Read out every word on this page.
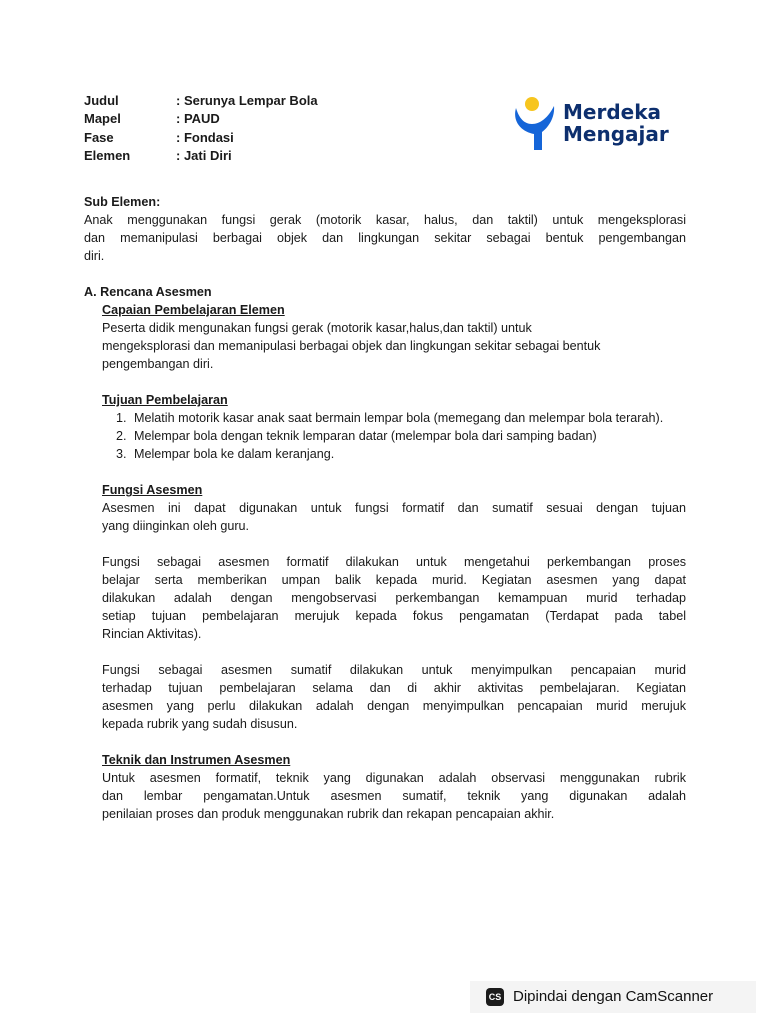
Judul	: Serunya Lempar Bola
Mapel	: PAUD
Fase	: Fondasi
Elemen	: Jati Diri
Merdeka
Mengajar
Sub Elemen:
Anak menggunakan fungsi gerak (motorik kasar, halus, dan taktil) untuk mengeksplorasi
dan memanipulasi berbagai objek dan lingkungan sekitar sebagai bentuk pengembangan
diri.
A. Rencana Asesmen
Capaian Pembelajaran Elemen
Peserta didik mengunakan fungsi gerak (motorik kasar,halus,dan taktil) untuk
mengeksplorasi dan memanipulasi berbagai objek dan lingkungan sekitar sebagai bentuk
pengembangan diri.
Tujuan Pembelajaran
1. Melatih motorik kasar anak saat bermain lempar bola (memegang dan melempar bola terarah).
2. Melempar bola dengan teknik lemparan datar (melempar bola dari samping badan)
3. Melempar bola ke dalam keranjang.
Fungsi Asesmen
Asesmen ini dapat digunakan untuk fungsi formatif dan sumatif sesuai dengan tujuan
yang diinginkan oleh guru.
Fungsi sebagai asesmen formatif dilakukan untuk mengetahui perkembangan proses
belajar serta memberikan umpan balik kepada murid. Kegiatan asesmen yang dapat
dilakukan adalah dengan mengobservasi perkembangan kemampuan murid terhadap
setiap tujuan pembelajaran merujuk kepada fokus pengamatan (Terdapat pada tabel
Rincian Aktivitas).
Fungsi sebagai asesmen sumatif dilakukan untuk menyimpulkan pencapaian murid
terhadap tujuan pembelajaran selama dan di akhir aktivitas pembelajaran. Kegiatan
asesmen yang perlu dilakukan adalah dengan menyimpulkan pencapaian murid merujuk
kepada rubrik yang sudah disusun.
Teknik dan Instrumen Asesmen
Untuk asesmen formatif, teknik yang digunakan adalah observasi menggunakan rubrik
dan lembar pengamatan.Untuk asesmen sumatif, teknik yang digunakan adalah
penilaian proses dan produk menggunakan rubrik dan rekapan pencapaian akhir.
CS Dipindai dengan CamScanner
